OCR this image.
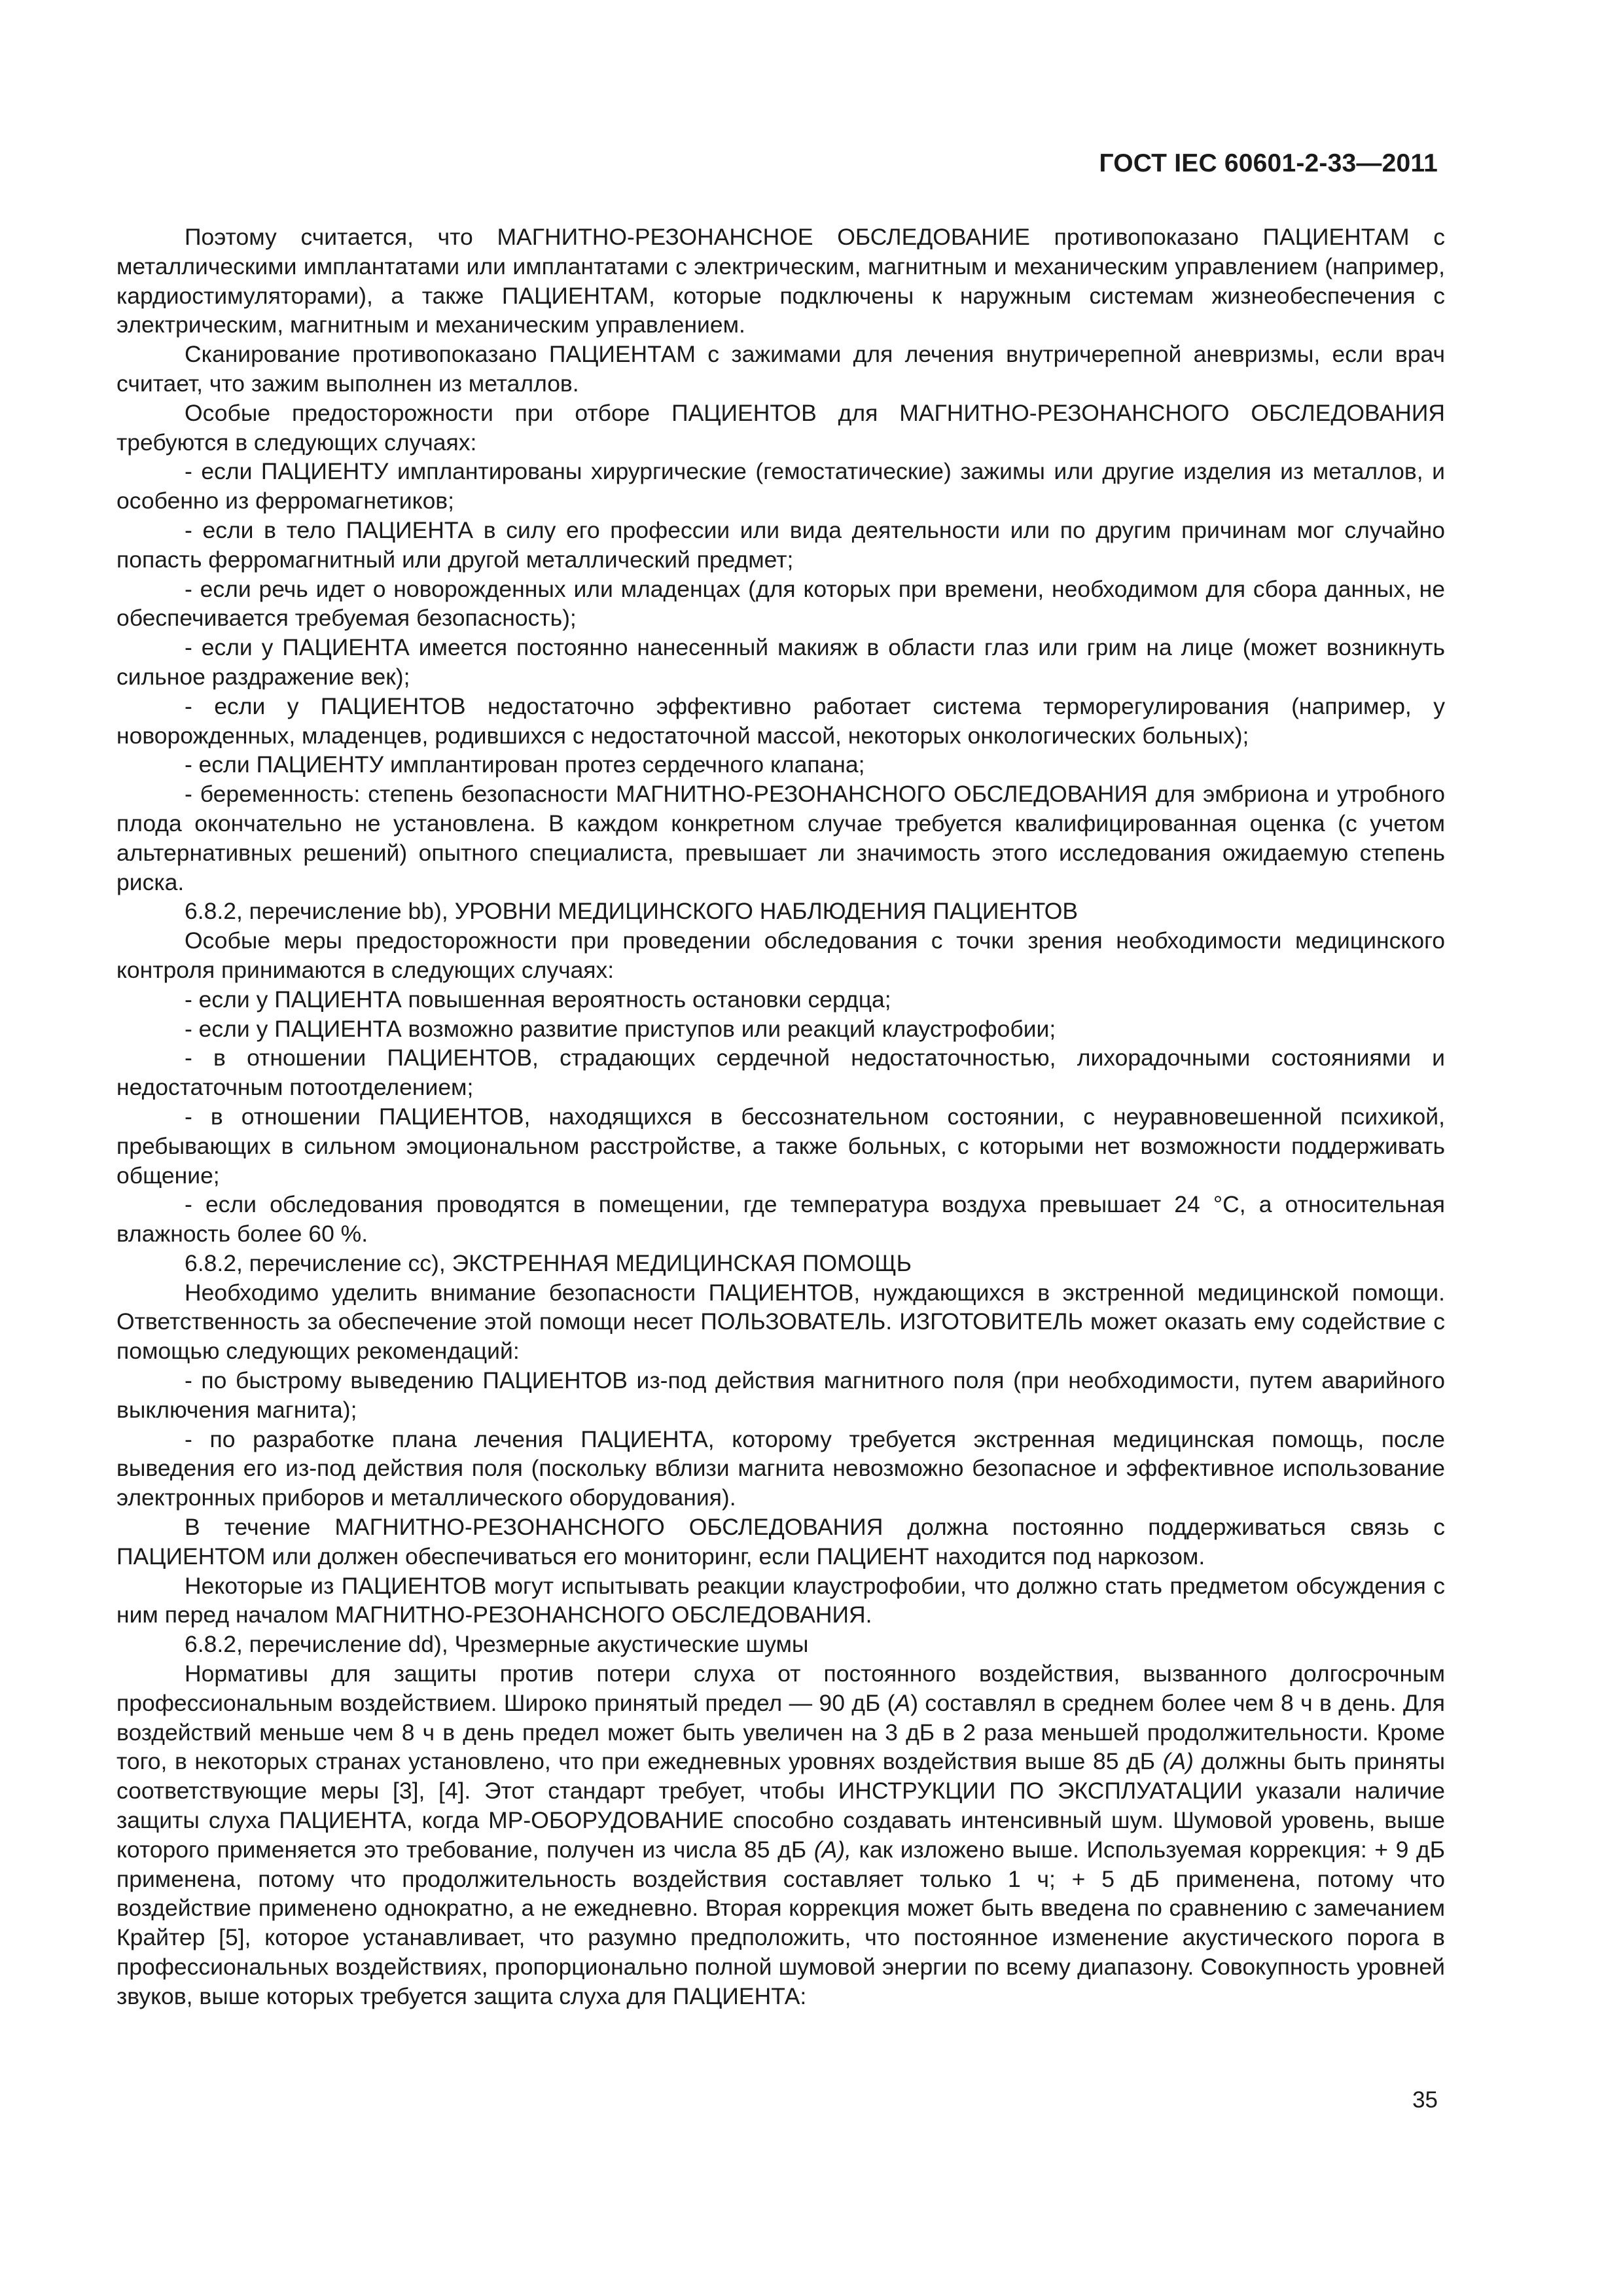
ГОСТ IEC 60601-2-33—2011

Поэтому считается, что МАГНИТНО-РЕЗОНАНСНОЕ ОБСЛЕДОВАНИЕ противопоказано ПАЦИЕНТАМ с металлическими имплантатами или имплантатами с электрическим, магнитным и механическим управлением (например, кардиостимуляторами), а также ПАЦИЕНТАМ, которые подключены к наружным системам жизнеобеспечения с электрическим, магнитным и механическим управлением.

Сканирование противопоказано ПАЦИЕНТАМ с зажимами для лечения внутричерепной аневризмы, если врач считает, что зажим выполнен из металлов.

Особые предосторожности при отборе ПАЦИЕНТОВ для МАГНИТНО-РЕЗОНАНСНОГО ОБСЛЕДОВАНИЯ требуются в следующих случаях:

- если ПАЦИЕНТУ имплантированы хирургические (гемостатические) зажимы или другие изделия из металлов, и особенно из ферромагнетиков;

- если в тело ПАЦИЕНТА в силу его профессии или вида деятельности или по другим причинам мог случайно попасть ферромагнитный или другой металлический предмет;

- если речь идет о новорожденных или младенцах (для которых при времени, необходимом для сбора данных, не обеспечивается требуемая безопасность);

- если у ПАЦИЕНТА имеется постоянно нанесенный макияж в области глаз или грим на лице (может возникнуть сильное раздражение век);

- если у ПАЦИЕНТОВ недостаточно эффективно работает система терморегулирования (например, у новорожденных, младенцев, родившихся с недостаточной массой, некоторых онкологических больных);

- если ПАЦИЕНТУ имплантирован протез сердечного клапана;

- беременность: степень безопасности МАГНИТНО-РЕЗОНАНСНОГО ОБСЛЕДОВАНИЯ для эмбриона и утробного плода окончательно не установлена. В каждом конкретном случае требуется квалифицированная оценка (с учетом альтернативных решений) опытного специалиста, превышает ли значимость этого исследования ожидаемую степень риска.

6.8.2, перечисление bb), УРОВНИ МЕДИЦИНСКОГО НАБЛЮДЕНИЯ ПАЦИЕНТОВ

Особые меры предосторожности при проведении обследования с точки зрения необходимости медицинского контроля принимаются в следующих случаях:

- если у ПАЦИЕНТА повышенная вероятность остановки сердца;

- если у ПАЦИЕНТА возможно развитие приступов или реакций клаустрофобии;

- в отношении ПАЦИЕНТОВ, страдающих сердечной недостаточностью, лихорадочными состояниями и недостаточным потоотделением;

- в отношении ПАЦИЕНТОВ, находящихся в бессознательном состоянии, с неуравновешенной психикой, пребывающих в сильном эмоциональном расстройстве, а также больных, с которыми нет возможности поддерживать общение;

- если обследования проводятся в помещении, где температура воздуха превышает 24 °С, а относительная влажность более 60 %.

6.8.2, перечисление cc), ЭКСТРЕННАЯ МЕДИЦИНСКАЯ ПОМОЩЬ

Необходимо уделить внимание безопасности ПАЦИЕНТОВ, нуждающихся в экстренной медицинской помощи. Ответственность за обеспечение этой помощи несет ПОЛЬЗОВАТЕЛЬ. ИЗГОТОВИТЕЛЬ может оказать ему содействие с помощью следующих рекомендаций:

- по быстрому выведению ПАЦИЕНТОВ из-под действия магнитного поля (при необходимости, путем аварийного выключения магнита);

- по разработке плана лечения ПАЦИЕНТА, которому требуется экстренная медицинская помощь, после выведения его из-под действия поля (поскольку вблизи магнита невозможно безопасное и эффективное использование электронных приборов и металлического оборудования).

В течение МАГНИТНО-РЕЗОНАНСНОГО ОБСЛЕДОВАНИЯ должна постоянно поддерживаться связь с ПАЦИЕНТОМ или должен обеспечиваться его мониторинг, если ПАЦИЕНТ находится под наркозом.

Некоторые из ПАЦИЕНТОВ могут испытывать реакции клаустрофобии, что должно стать предметом обсуждения с ним перед началом МАГНИТНО-РЕЗОНАНСНОГО ОБСЛЕДОВАНИЯ.

6.8.2, перечисление dd), Чрезмерные акустические шумы

Нормативы для защиты против потери слуха от постоянного воздействия, вызванного долгосрочным профессиональным воздействием. Широко принятый предел — 90 дБ (А) составлял в среднем более чем 8 ч в день. Для воздействий меньше чем 8 ч в день предел может быть увеличен на 3 дБ в 2 раза меньшей продолжительности. Кроме того, в некоторых странах установлено, что при ежедневных уровнях воздействия выше 85 дБ (А) должны быть приняты соответствующие меры [3], [4]. Этот стандарт требует, чтобы ИНСТРУКЦИИ ПО ЭКСПЛУАТАЦИИ указали наличие защиты слуха ПАЦИЕНТА, когда МР-ОБОРУДОВАНИЕ способно создавать интенсивный шум. Шумовой уровень, выше которого применяется это требование, получен из числа 85 дБ (А), как изложено выше. Используемая коррекция: + 9 дБ применена, потому что продолжительность воздействия составляет только 1 ч; + 5 дБ применена, потому что воздействие применено однократно, а не ежедневно. Вторая коррекция может быть введена по сравнению с замечанием Крайтер [5], которое устанавливает, что разумно предположить, что постоянное изменение акустического порога в профессиональных воздействиях, пропорционально полной шумовой энергии по всему диапазону. Совокупность уровней звуков, выше которых требуется защита слуха для ПАЦИЕНТА:

35
